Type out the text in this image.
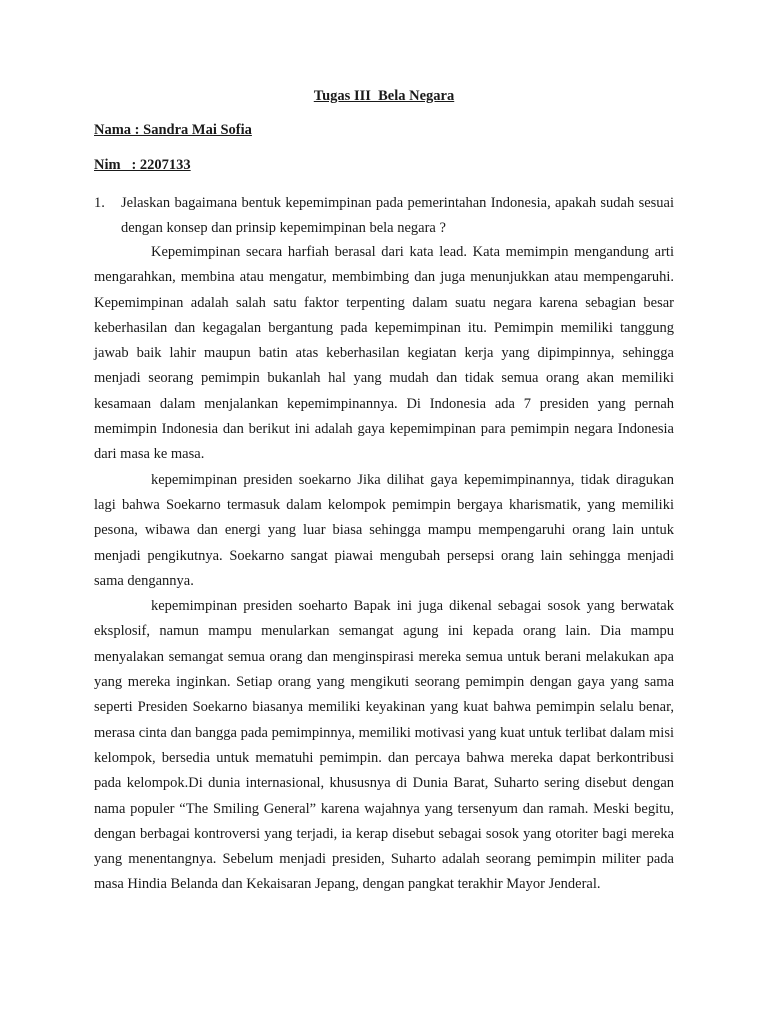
Tugas III  Bela Negara

Nama : Sandra Mai Sofia

Nim   : 2207133

1. Jelaskan bagaimana bentuk kepemimpinan pada pemerintahan Indonesia, apakah sudah sesuai dengan konsep dan prinsip kepemimpinan bela negara ?

Kepemimpinan secara harfiah berasal dari kata lead. Kata memimpin mengandung arti mengarahkan, membina atau mengatur, membimbing dan juga menunjukkan atau mempengaruhi. Kepemimpinan adalah salah satu faktor terpenting dalam suatu negara karena sebagian besar keberhasilan dan kegagalan bergantung pada kepemimpinan itu. Pemimpin memiliki tanggung jawab baik lahir maupun batin atas keberhasilan kegiatan kerja yang dipimpinnya, sehingga menjadi seorang pemimpin bukanlah hal yang mudah dan tidak semua orang akan memiliki kesamaan dalam menjalankan kepemimpinannya. Di Indonesia ada 7 presiden yang pernah memimpin Indonesia dan berikut ini adalah gaya kepemimpinan para pemimpin negara Indonesia dari masa ke masa.

kepemimpinan presiden soekarno Jika dilihat gaya kepemimpinannya, tidak diragukan lagi bahwa Soekarno termasuk dalam kelompok pemimpin bergaya kharismatik, yang memiliki pesona, wibawa dan energi yang luar biasa sehingga mampu mempengaruhi orang lain untuk menjadi pengikutnya. Soekarno sangat piawai mengubah persepsi orang lain sehingga menjadi sama dengannya.

kepemimpinan presiden soeharto Bapak ini juga dikenal sebagai sosok yang berwatak eksplosif, namun mampu menularkan semangat agung ini kepada orang lain. Dia mampu menyalakan semangat semua orang dan menginspirasi mereka semua untuk berani melakukan apa yang mereka inginkan. Setiap orang yang mengikuti seorang pemimpin dengan gaya yang sama seperti Presiden Soekarno biasanya memiliki keyakinan yang kuat bahwa pemimpin selalu benar, merasa cinta dan bangga pada pemimpinnya, memiliki motivasi yang kuat untuk terlibat dalam misi kelompok, bersedia untuk mematuhi pemimpin. dan percaya bahwa mereka dapat berkontribusi pada kelompok.Di dunia internasional, khususnya di Dunia Barat, Suharto sering disebut dengan nama populer “The Smiling General” karena wajahnya yang tersenyum dan ramah. Meski begitu, dengan berbagai kontroversi yang terjadi, ia kerap disebut sebagai sosok yang otoriter bagi mereka yang menentangnya. Sebelum menjadi presiden, Suharto adalah seorang pemimpin militer pada masa Hindia Belanda dan Kekaisaran Jepang, dengan pangkat terakhir Mayor Jenderal.
